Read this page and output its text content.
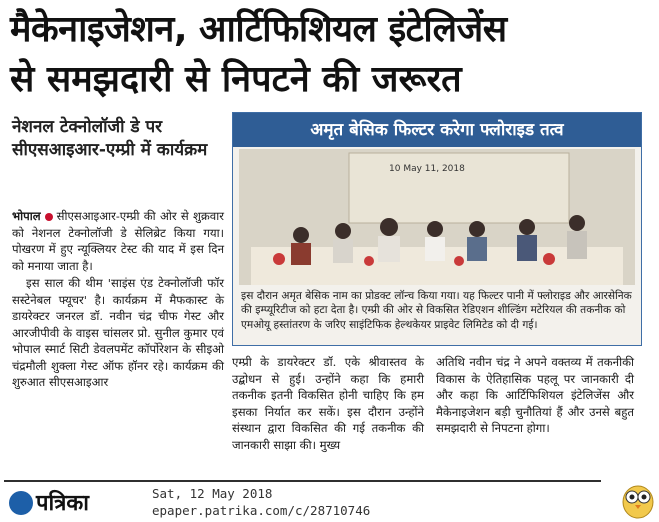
मैकेनाइजेशन, आर्टिफिशियल इंटेलिजेंस
से समझदारी से निपटने की जरूरत
नेशनल टेक्नोलॉजी डे पर सीएसआइआर-एम्प्री में कार्यक्रम

भोपाल सीएसआइआर-एम्प्री की ओर से शुक्रवार को नेशनल टेक्नोलॉजी डे सेलिब्रेट किया गया। पोखरण में हुए न्यूक्लियर टेस्ट की याद में इस दिन को मनाया जाता है।

इस साल की थीम 'साइंस एंड टेक्नोलॉजी फॉर सस्टेनेबल फ्यूचर' है। कार्यक्रम में मैफकास्ट के डायरेक्टर जनरल डॉ. नवीन चंद्र चीफ गेस्ट और आरजीपीवी के वाइस चांसलर प्रो. सुनील कुमार एवं भोपाल स्मार्ट सिटी डेवलपमेंट कॉर्पोरेशन के सीइओ चंद्रमौली शुक्ला गेस्ट ऑफ हॉनर रहे। कार्यक्रम की शुरुआत सीएसआइआर

अमृत बेसिक फिल्टर करेगा फ्लोराइड तत्व
10 May 11, 2018
इस दौरान अमृत बेसिक नाम का प्रोडक्ट लॉन्च किया गया। यह फिल्टर पानी में फ्लोराइड और आरसेनिक की इम्प्यूरिटीज को हटा देता है। एम्प्री की ओर से विकसित रेडिएशन शील्डिंग मटेरियल की तकनीक को एमओयू हस्तांतरण के जरिए साइंटिफिक हेल्थकेयर प्राइवेट लिमिटेड को दी गई।
एम्प्री के डायरेक्टर डॉ. एके श्रीवास्तव के उद्बोधन से हुई। उन्होंने कहा कि हमारी तकनीक इतनी विकसित होनी चाहिए कि हम इसका निर्यात कर सकें। इस दौरान उन्होंने संस्थान द्वारा विकसित की गई तकनीक की जानकारी साझा की। मुख्य
अतिथि नवीन चंद्र ने अपने वक्तव्य में तकनीकी विकास के ऐतिहासिक पहलू पर जानकारी दी और कहा कि आर्टिफिशियल इंटेलिजेंस और मैकेनाइजेशन बड़ी चुनौतियां हैं और उनसे बहुत समझदारी से निपटना होगा।
पत्रिका	Sat, 12 May 2018
epaper.patrika.com/c/28710746
